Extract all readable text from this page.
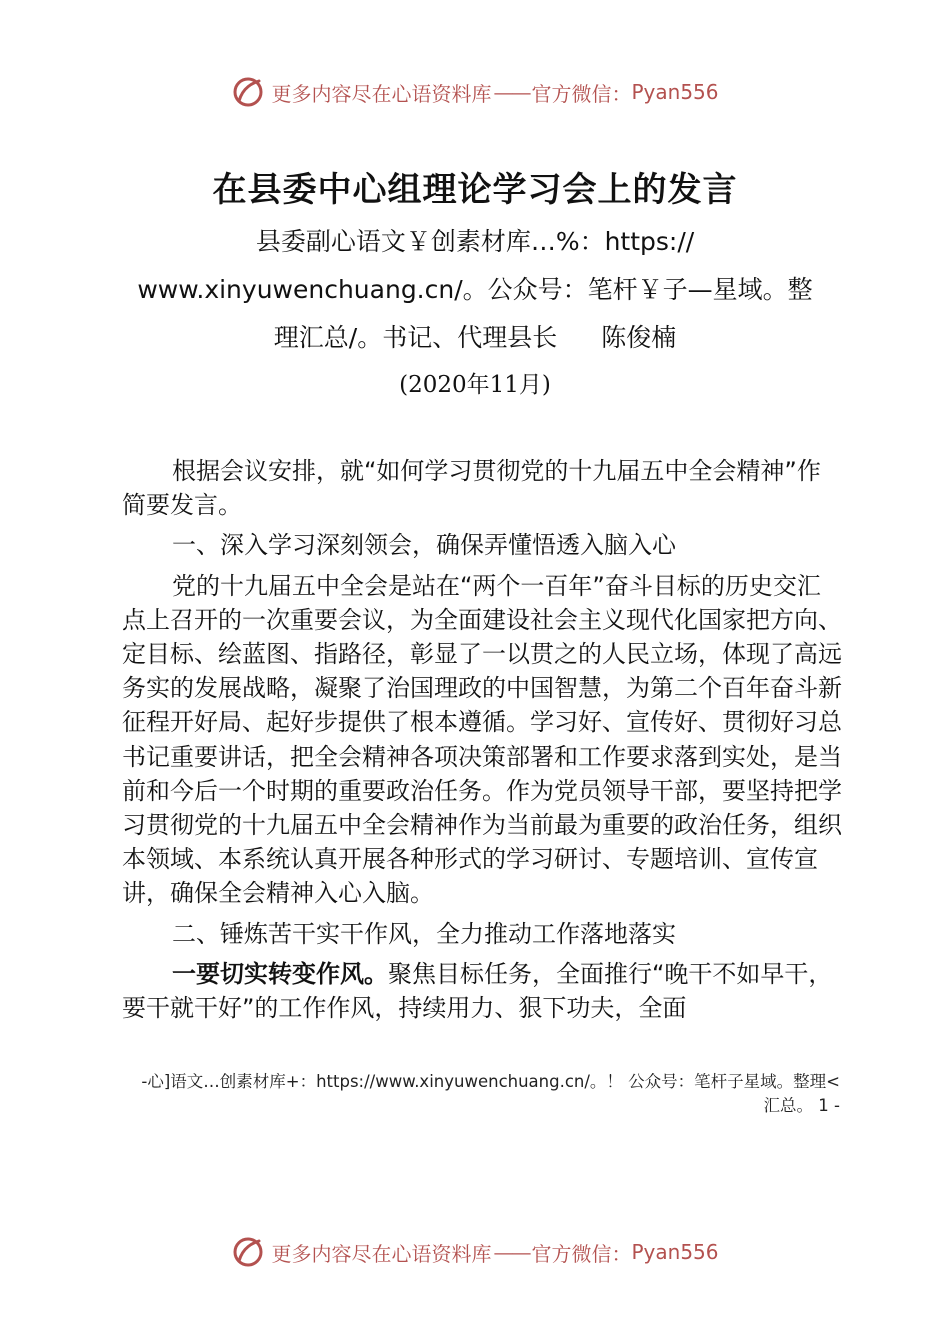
更多内容尽在心语资料库 —— 官方微信： Pyan556
在县委中心组理论学习会上的发言
县委副心语文￥创素材库…%：https://
www.xinyuwenchuang.cn/。公众号：笔杆￥子—星域。整
理汇总/。书记、代理县长 陈俊楠
(2020年11月)

根据会议安排，就“如何学习贯彻党的十九届五中全会精神”作简要发言。

一、深入学习深刻领会，确保弄懂悟透入脑入心

党的十九届五中全会是站在“两个一百年”奋斗目标的历史交汇点上召开的一次重要会议，为全面建设社会主义现代化国家把方向、定目标、绘蓝图、指路径，彰显了一以贯之的人民立场，体现了高远务实的发展战略，凝聚了治国理政的中国智慧，为第二个百年奋斗新征程开好局、起好步提供了根本遵循。学习好、宣传好、贯彻好习总书记重要讲话，把全会精神各项决策部署和工作要求落到实处，是当前和今后一个时期的重要政治任务。作为党员领导干部，要坚持把学习贯彻党的十九届五中全会精神作为当前最为重要的政治任务，组织本领域、本系统认真开展各种形式的学习研讨、专题培训、宣传宣讲，确保全会精神入心入脑。

二、锤炼苦干实干作风，全力推动工作落地落实

一要切实转变作风。聚焦目标任务，全面推行“晚干不如早干，要干就干好”的工作作风，持续用力、狠下功夫，全面

-心]语文…创素材库+：https://www.xinyuwenchuang.cn/。！ 公众号：笔杆子星域。整理<
汇总。 1 -
更多内容尽在心语资料库 —— 官方微信： Pyan556
